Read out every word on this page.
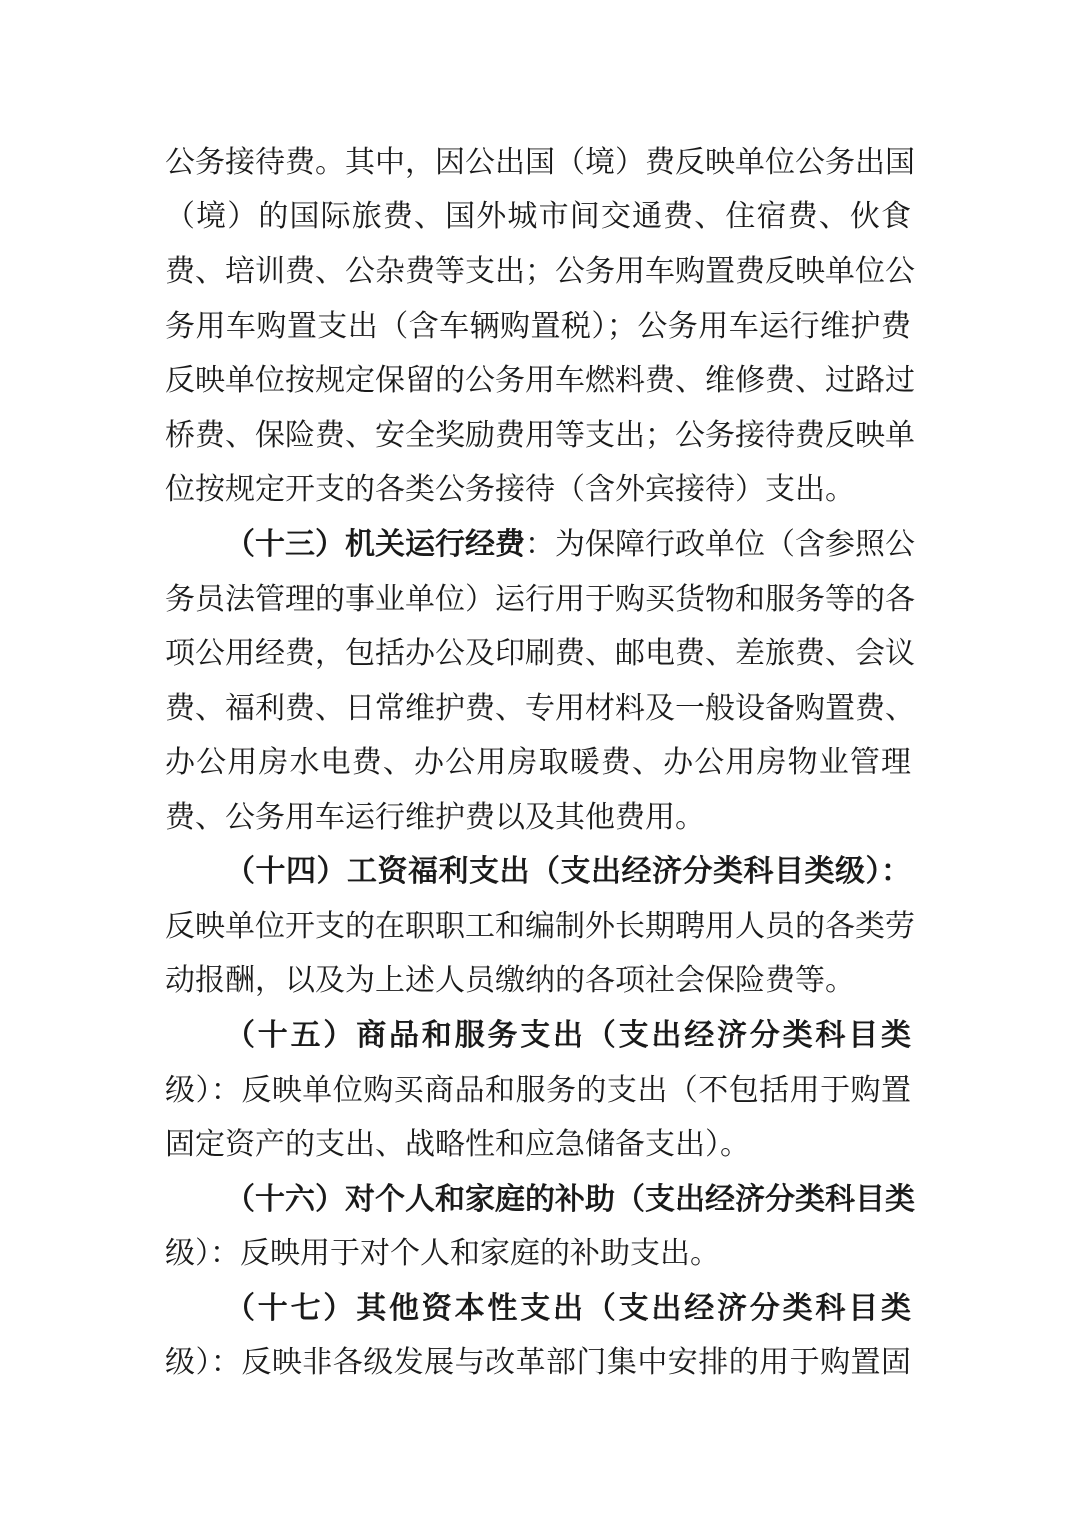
公务接待费。其中，因公出国（境）费反映单位公务出国
（境）的国际旅费、国外城市间交通费、住宿费、伙食
费、培训费、公杂费等支出；公务用车购置费反映单位公
务用车购置支出（含车辆购置税）；公务用车运行维护费
反映单位按规定保留的公务用车燃料费、维修费、过路过
桥费、保险费、安全奖励费用等支出；公务接待费反映单
位按规定开支的各类公务接待（含外宾接待）支出。
（十三）机关运行经费：为保障行政单位（含参照公
务员法管理的事业单位）运行用于购买货物和服务等的各
项公用经费，包括办公及印刷费、邮电费、差旅费、会议
费、福利费、日常维护费、专用材料及一般设备购置费、
办公用房水电费、办公用房取暖费、办公用房物业管理
费、公务用车运行维护费以及其他费用。
（十四）工资福利支出（支出经济分类科目类级）：
反映单位开支的在职职工和编制外长期聘用人员的各类劳
动报酬，以及为上述人员缴纳的各项社会保险费等。
（十五）商品和服务支出（支出经济分类科目类
级）：反映单位购买商品和服务的支出（不包括用于购置
固定资产的支出、战略性和应急储备支出）。
（十六）对个人和家庭的补助（支出经济分类科目类
级）：反映用于对个人和家庭的补助支出。
（十七）其他资本性支出（支出经济分类科目类
级）：反映非各级发展与改革部门集中安排的用于购置固
